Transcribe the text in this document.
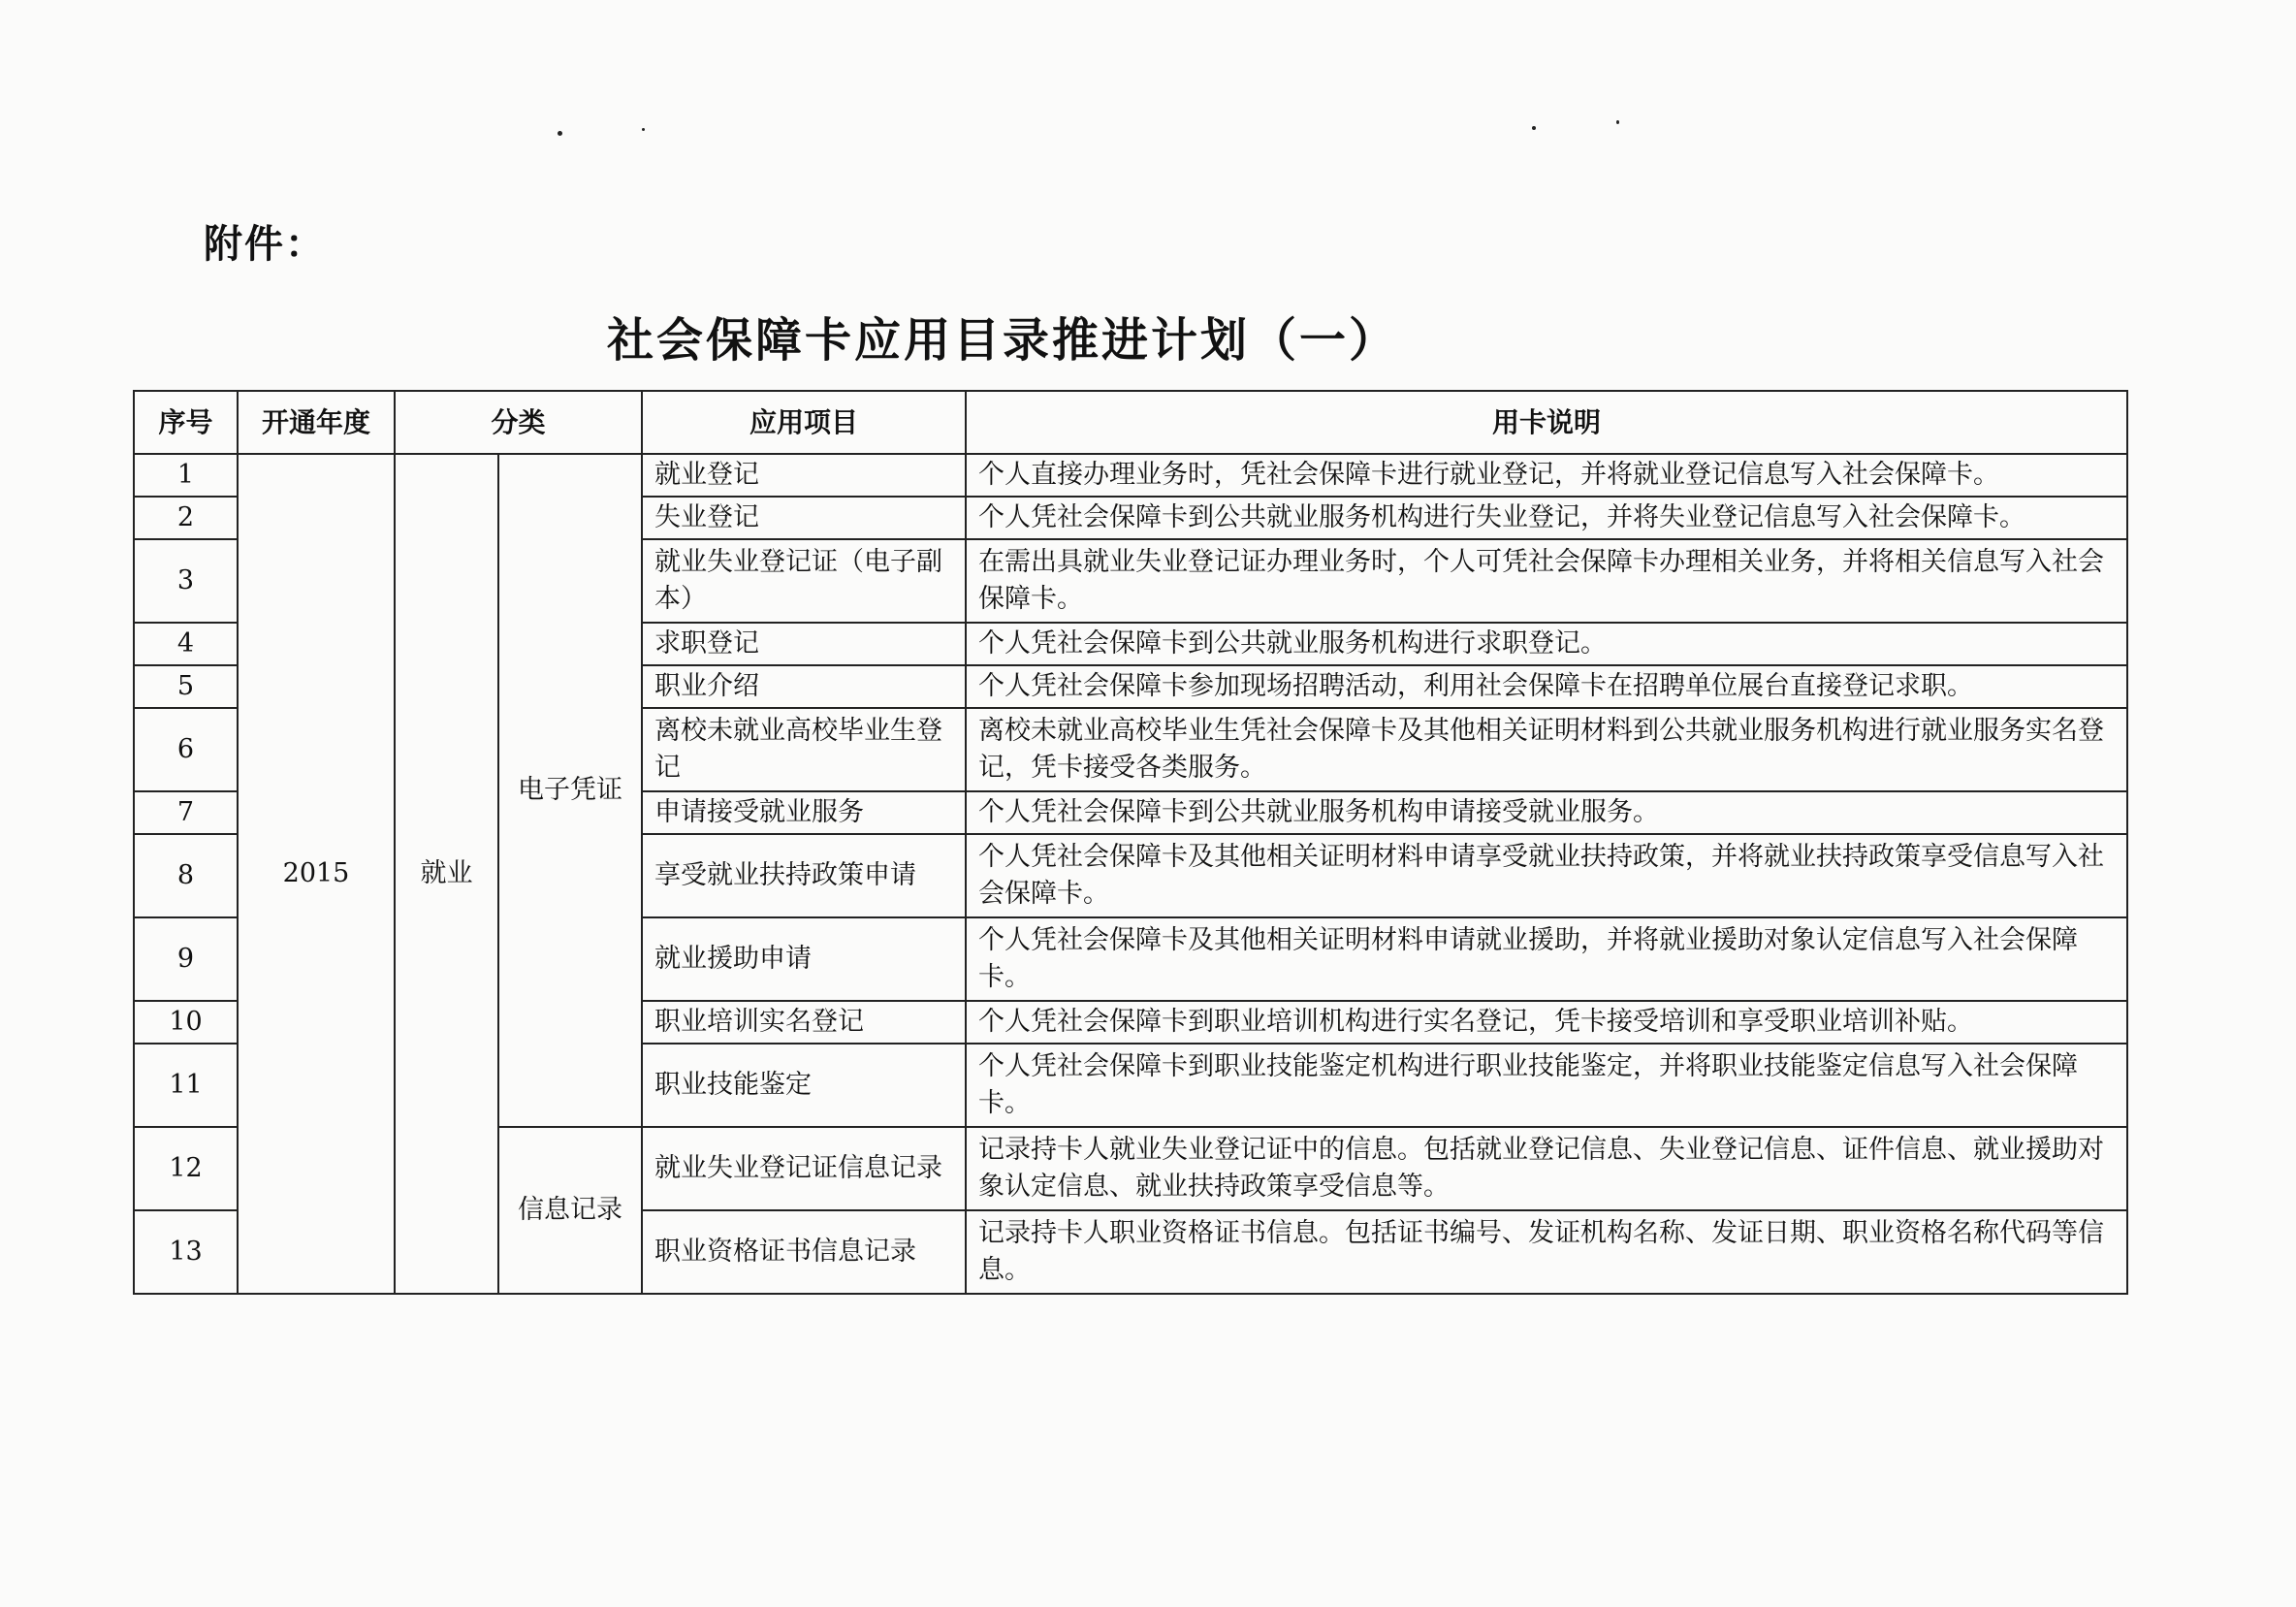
附件：
社会保障卡应用目录推进计划（一）
序号	开通年度	分类		应用项目	用卡说明
1	2015	就业	电子凭证	就业登记	个人直接办理业务时，凭社会保障卡进行就业登记，并将就业登记信息写入社会保障卡。
2				失业登记	个人凭社会保障卡到公共就业服务机构进行失业登记，并将失业登记信息写入社会保障卡。
3				就业失业登记证（电子副本）	在需出具就业失业登记证办理业务时，个人可凭社会保障卡办理相关业务，并将相关信息写入社会保障卡。
4				求职登记	个人凭社会保障卡到公共就业服务机构进行求职登记。
5				职业介绍	个人凭社会保障卡参加现场招聘活动，利用社会保障卡在招聘单位展台直接登记求职。
6				离校未就业高校毕业生登记	离校未就业高校毕业生凭社会保障卡及其他相关证明材料到公共就业服务机构进行就业服务实名登记，凭卡接受各类服务。
7				申请接受就业服务	个人凭社会保障卡到公共就业服务机构申请接受就业服务。
8				享受就业扶持政策申请	个人凭社会保障卡及其他相关证明材料申请享受就业扶持政策，并将就业扶持政策享受信息写入社会保障卡。
9				就业援助申请	个人凭社会保障卡及其他相关证明材料申请就业援助，并将就业援助对象认定信息写入社会保障卡。
10				职业培训实名登记	个人凭社会保障卡到职业培训机构进行实名登记，凭卡接受培训和享受职业培训补贴。
11				职业技能鉴定	个人凭社会保障卡到职业技能鉴定机构进行职业技能鉴定，并将职业技能鉴定信息写入社会保障卡。
12			信息记录	就业失业登记证信息记录	记录持卡人就业失业登记证中的信息。包括就业登记信息、失业登记信息、证件信息、就业援助对象认定信息、就业扶持政策享受信息等。
13				职业资格证书信息记录	记录持卡人职业资格证书信息。包括证书编号、发证机构名称、发证日期、职业资格名称代码等信息。
